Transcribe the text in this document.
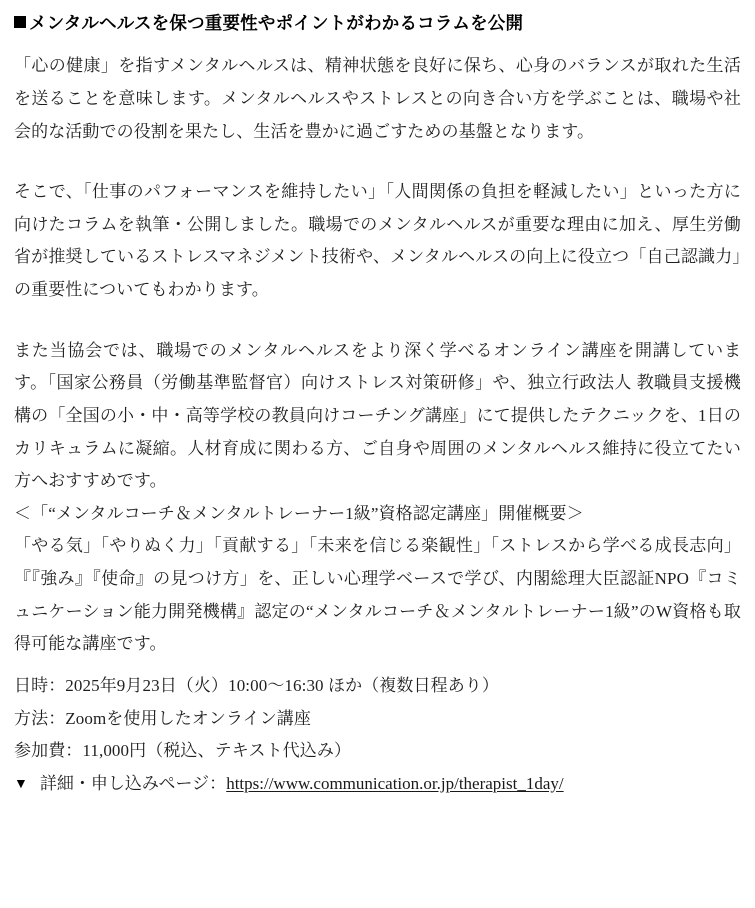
メンタルヘルスを保つ重要性やポイントがわかるコラムを公開

「心の健康」を指すメンタルヘルスは、精神状態を良好に保ち、心身のバランスが取れた生活を送ることを意味します。メンタルヘルスやストレスとの向き合い方を学ぶことは、職場や社会的な活動での役割を果たし、生活を豊かに過ごすための基盤となります。

そこで、「仕事のパフォーマンスを維持したい」「人間関係の負担を軽減したい」といった方に向けたコラムを執筆・公開しました。職場でのメンタルヘルスが重要な理由に加え、厚生労働省が推奨しているストレスマネジメント技術や、メンタルヘルスの向上に役立つ「自己認識力」の重要性についてもわかります。

また当協会では、職場でのメンタルヘルスをより深く学べるオンライン講座を開講しています。「国家公務員（労働基準監督官）向けストレス対策研修」や、独立行政法人 教職員支援機構の「全国の小・中・高等学校の教員向けコーチング講座」にて提供したテクニックを、1日のカリキュラムに凝縮。人材育成に関わる方、ご自身や周囲のメンタルヘルス維持に役立てたい方へおすすめです。

＜「“メンタルコーチ＆メンタルトレーナー1級”資格認定講座」開催概要＞

「やる気」「やりぬく力」「貢献する」「未来を信じる楽観性」「ストレスから学べる成長志向」『『強み』『使命』の見つけ方」を、正しい心理学ベースで学び、内閣総理大臣認証NPO『コミュニケーション能力開発機構』認定の“メンタルコーチ＆メンタルトレーナー1級”のW資格も取得可能な講座です。

日時：2025年9月23日（火）10:00〜16:30 ほか（複数日程あり）

方法：Zoomを使用したオンライン講座

参加費：11,000円（税込、テキスト代込み）

▼ 詳細・申し込みページ：https://www.communication.or.jp/therapist_1day/
